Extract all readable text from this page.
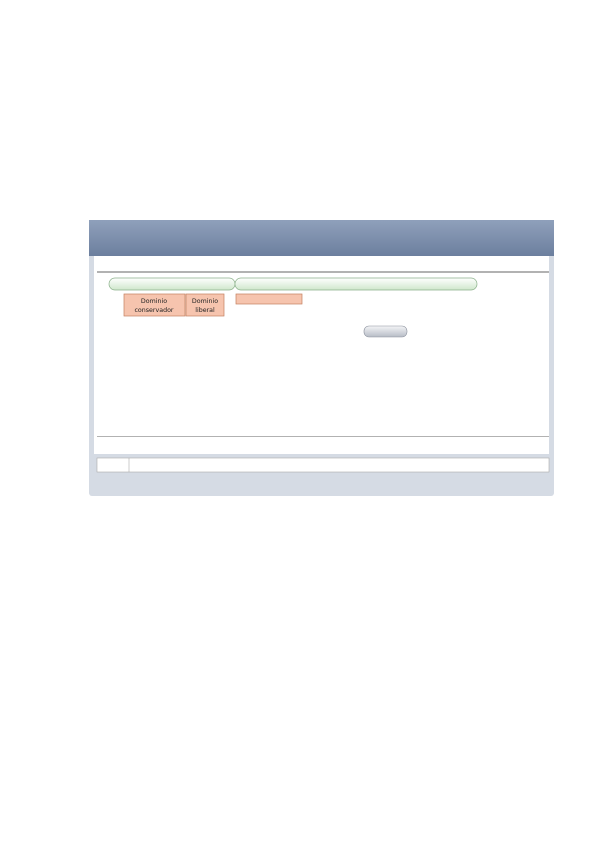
Dominio
conservador
Dominio
liberal
